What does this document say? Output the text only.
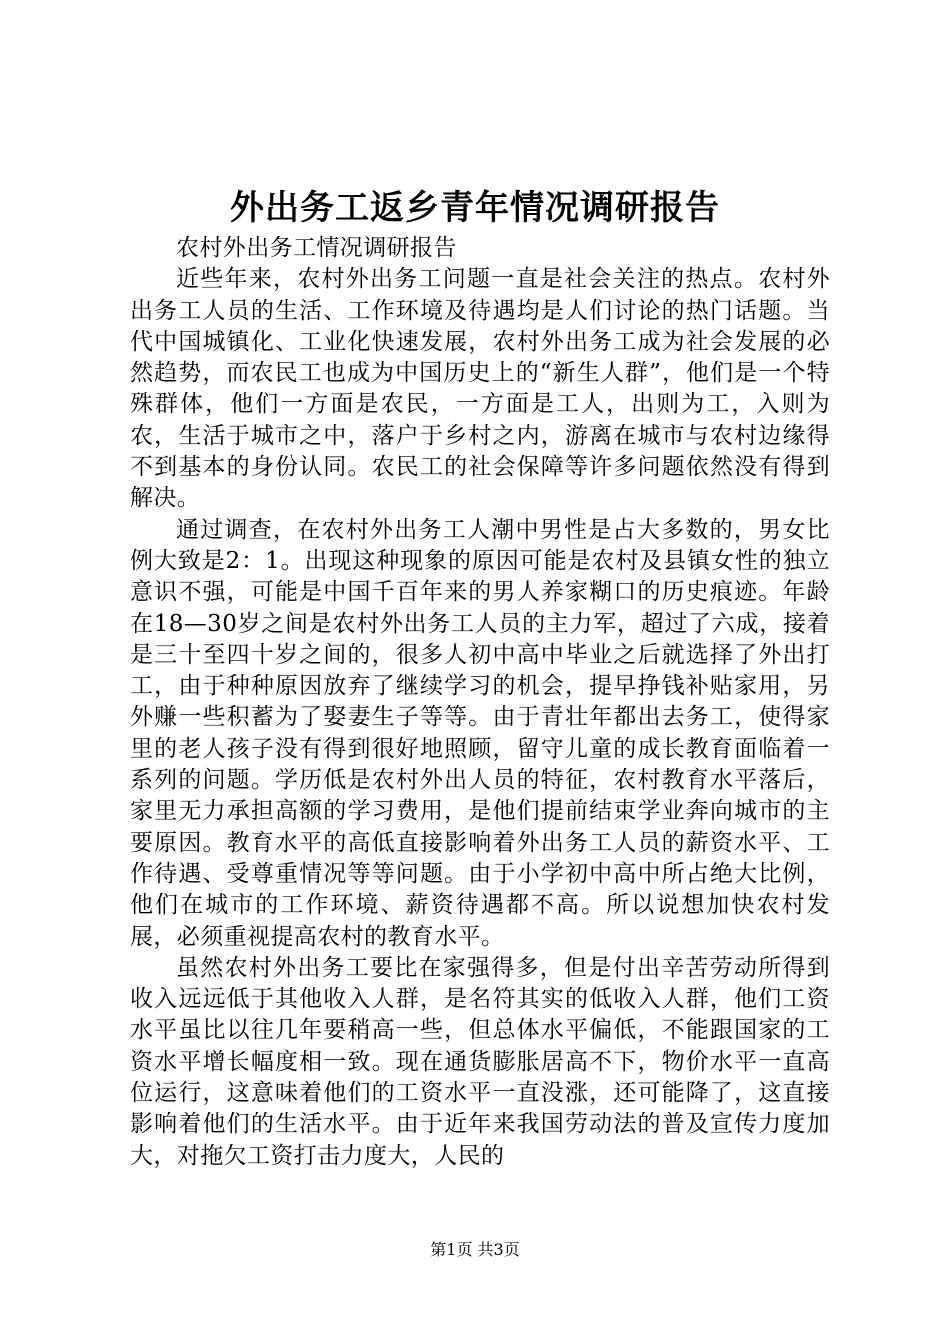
外出务工返乡青年情况调研报告

农村外出务工情况调研报告

近些年来，农村外出务工问题一直是社会关注的热点。农村外出务工人员的生活、工作环境及待遇均是人们讨论的热门话题。当代中国城镇化、工业化快速发展，农村外出务工成为社会发展的必然趋势，而农民工也成为中国历史上的“新生人群”，他们是一个特殊群体，他们一方面是农民，一方面是工人，出则为工，入则为农，生活于城市之中，落户于乡村之内，游离在城市与农村边缘得不到基本的身份认同。农民工的社会保障等许多问题依然没有得到解决。

通过调查，在农村外出务工人潮中男性是占大多数的，男女比例大致是2：1。出现这种现象的原因可能是农村及县镇女性的独立意识不强，可能是中国千百年来的男人养家糊口的历史痕迹。年龄在18—30岁之间是农村外出务工人员的主力军，超过了六成，接着是三十至四十岁之间的，很多人初中高中毕业之后就选择了外出打工，由于种种原因放弃了继续学习的机会，提早挣钱补贴家用，另外赚一些积蓄为了娶妻生子等等。由于青壮年都出去务工，使得家里的老人孩子没有得到很好地照顾，留守儿童的成长教育面临着一系列的问题。学历低是农村外出人员的特征，农村教育水平落后，家里无力承担高额的学习费用，是他们提前结束学业奔向城市的主要原因。教育水平的高低直接影响着外出务工人员的薪资水平、工作待遇、受尊重情况等等问题。由于小学初中高中所占绝大比例，他们在城市的工作环境、薪资待遇都不高。所以说想加快农村发展，必须重视提高农村的教育水平。

虽然农村外出务工要比在家强得多，但是付出辛苦劳动所得到收入远远低于其他收入人群，是名符其实的低收入人群，他们工资水平虽比以往几年要稍高一些，但总体水平偏低，不能跟国家的工资水平增长幅度相一致。现在通货膨胀居高不下，物价水平一直高位运行，这意味着他们的工资水平一直没涨，还可能降了，这直接影响着他们的生活水平。由于近年来我国劳动法的普及宣传力度加大，对拖欠工资打击力度大，人民的

第1页 共3页
